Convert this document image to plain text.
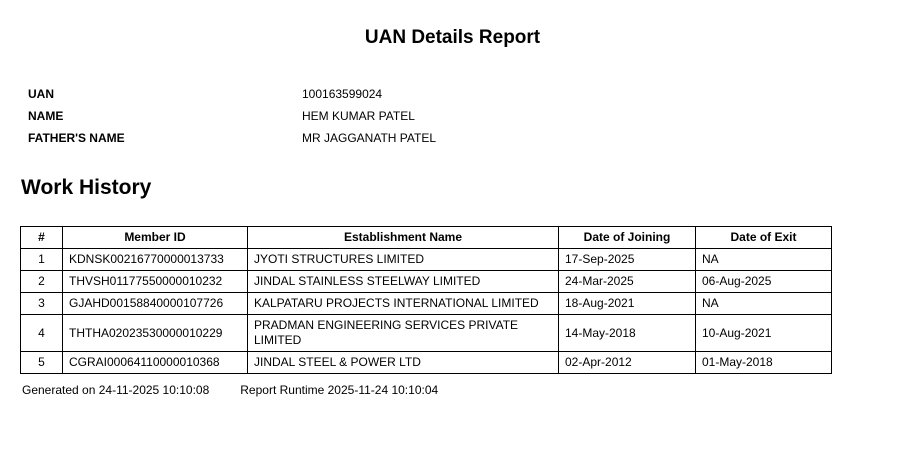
UAN Details Report
UAN	100163599024
NAME	HEM KUMAR PATEL
FATHER'S NAME	MR JAGGANATH PATEL
Work History
#	Member ID	Establishment Name	Date of Joining	Date of Exit
1	KDNSK00216770000013733	JYOTI STRUCTURES LIMITED	17-Sep-2025	NA
2	THVSH01177550000010232	JINDAL STAINLESS STEELWAY LIMITED	24-Mar-2025	06-Aug-2025
3	GJAHD00158840000107726	KALPATARU PROJECTS INTERNATIONAL LIMITED	18-Aug-2021	NA
4	THTHA02023530000010229	PRADMAN ENGINEERING SERVICES PRIVATE LIMITED	14-May-2018	10-Aug-2021
5	CGRAI00064110000010368	JINDAL STEEL & POWER LTD	02-Apr-2012	01-May-2018
Generated on 24-11-2025 10:10:08	Report Runtime 2025-11-24 10:10:04
